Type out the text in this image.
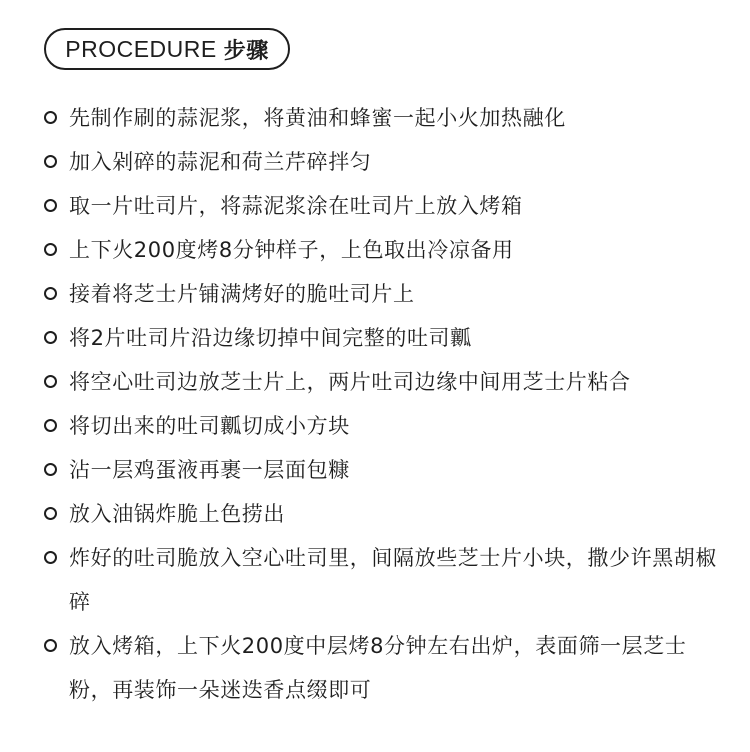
PROCEDURE 步骤
先制作刷的蒜泥浆，将黄油和蜂蜜一起小火加热融化
加入剁碎的蒜泥和荷兰芹碎拌匀
取一片吐司片，将蒜泥浆涂在吐司片上放入烤箱
上下火200度烤8分钟样子，上色取出冷凉备用
接着将芝士片铺满烤好的脆吐司片上
将2片吐司片沿边缘切掉中间完整的吐司瓤
将空心吐司边放芝士片上，两片吐司边缘中间用芝士片粘合
将切出来的吐司瓤切成小方块
沾一层鸡蛋液再裹一层面包糠
放入油锅炸脆上色捞出
炸好的吐司脆放入空心吐司里，间隔放些芝士片小块，撒少许黑胡椒碎
放入烤箱，上下火200度中层烤8分钟左右出炉，表面筛一层芝士粉，再装饰一朵迷迭香点缀即可
